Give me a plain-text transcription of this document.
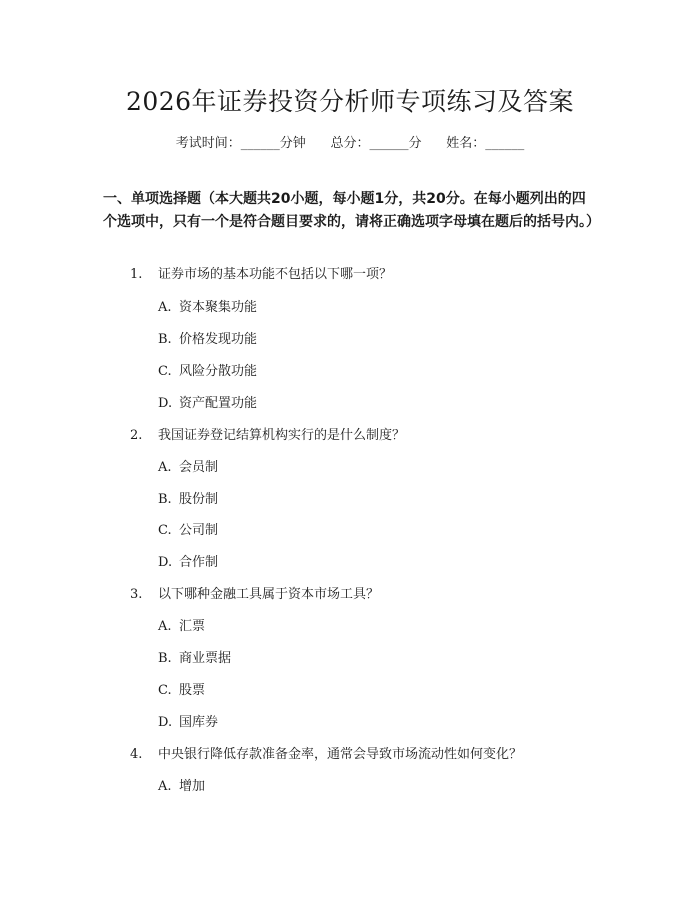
2026年证券投资分析师专项练习及答案
考试时间：______分钟      总分：______分      姓名：______
一、单项选择题（本大题共20小题，每小题1分，共20分。在每小题列出的四个选项中，只有一个是符合题目要求的，请将正确选项字母填在题后的括号内。）
1. 证券市场的基本功能不包括以下哪一项？
A. 资本聚集功能
B. 价格发现功能
C. 风险分散功能
D. 资产配置功能
2. 我国证券登记结算机构实行的是什么制度？
A. 会员制
B. 股份制
C. 公司制
D. 合作制
3. 以下哪种金融工具属于资本市场工具？
A. 汇票
B. 商业票据
C. 股票
D. 国库券
4. 中央银行降低存款准备金率，通常会导致市场流动性如何变化？
A. 增加
